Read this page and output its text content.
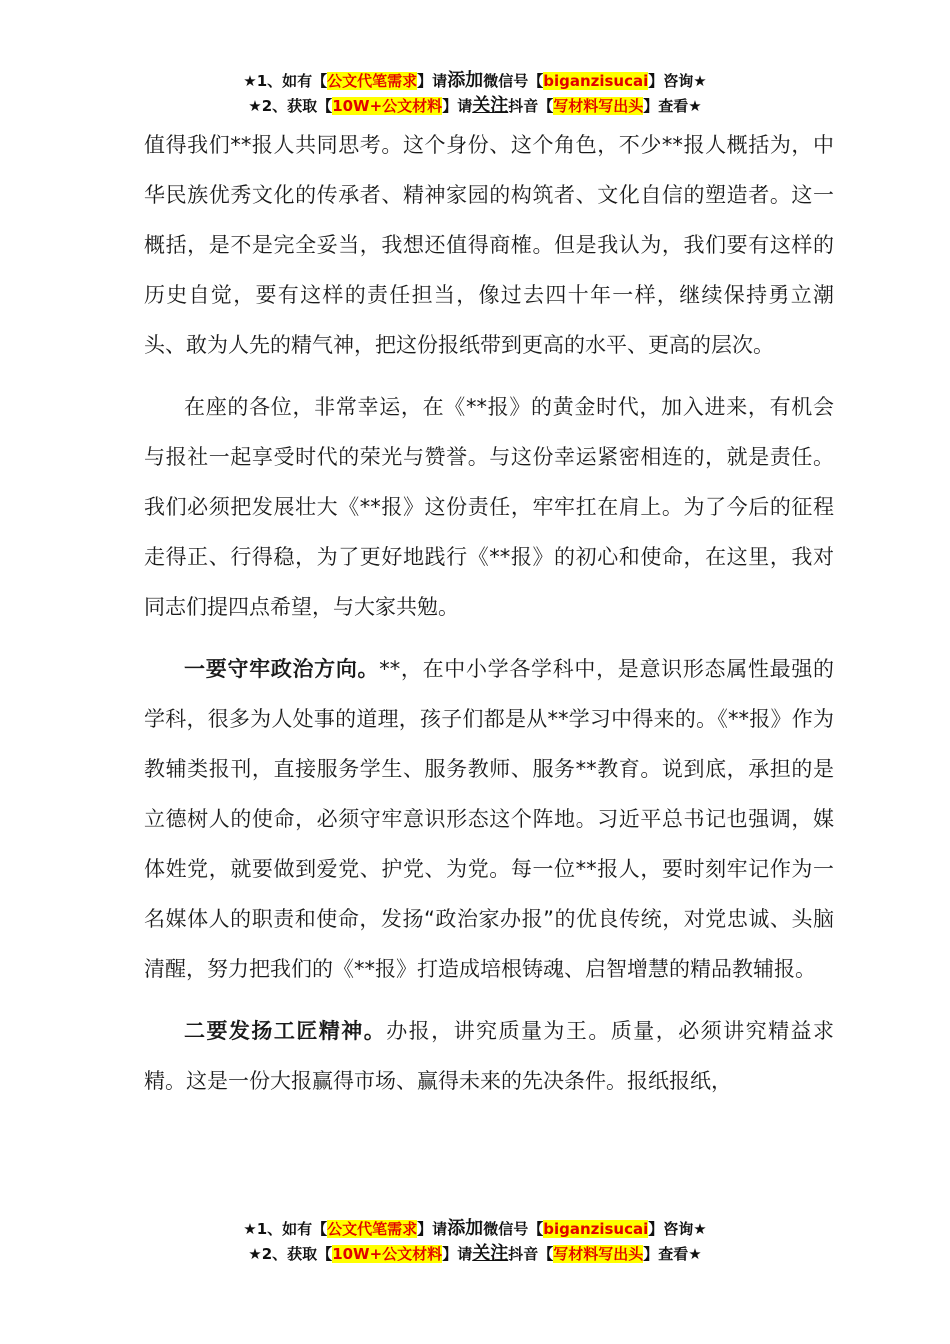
★1、如有【公文代笔需求】请添加微信号【biganzisucai】咨询★
★2、获取【10W+公文材料】请关注抖音【写材料写出头】查看★

值得我们**报人共同思考。这个身份、这个角色，不少**报人概括为，中华民族优秀文化的传承者、精神家园的构筑者、文化自信的塑造者。这一概括，是不是完全妥当，我想还值得商榷。但是我认为，我们要有这样的历史自觉，要有这样的责任担当，像过去四十年一样，继续保持勇立潮头、敢为人先的精气神，把这份报纸带到更高的水平、更高的层次。

在座的各位，非常幸运，在《**报》的黄金时代，加入进来，有机会与报社一起享受时代的荣光与赞誉。与这份幸运紧密相连的，就是责任。我们必须把发展壮大《**报》这份责任，牢牢扛在肩上。为了今后的征程走得正、行得稳，为了更好地践行《**报》的初心和使命，在这里，我对同志们提四点希望，与大家共勉。

一要守牢政治方向。**，在中小学各学科中，是意识形态属性最强的学科，很多为人处事的道理，孩子们都是从**学习中得来的。《**报》作为教辅类报刊，直接服务学生、服务教师、服务**教育。说到底，承担的是立德树人的使命，必须守牢意识形态这个阵地。习近平总书记也强调，媒体姓党，就要做到爱党、护党、为党。每一位**报人，要时刻牢记作为一名媒体人的职责和使命，发扬“政治家办报”的优良传统，对党忠诚、头脑清醒，努力把我们的《**报》打造成培根铸魂、启智增慧的精品教辅报。

二要发扬工匠精神。办报，讲究质量为王。质量，必须讲究精益求精。这是一份大报赢得市场、赢得未来的先决条件。报纸报纸，

★1、如有【公文代笔需求】请添加微信号【biganzisucai】咨询★
★2、获取【10W+公文材料】请关注抖音【写材料写出头】查看★
